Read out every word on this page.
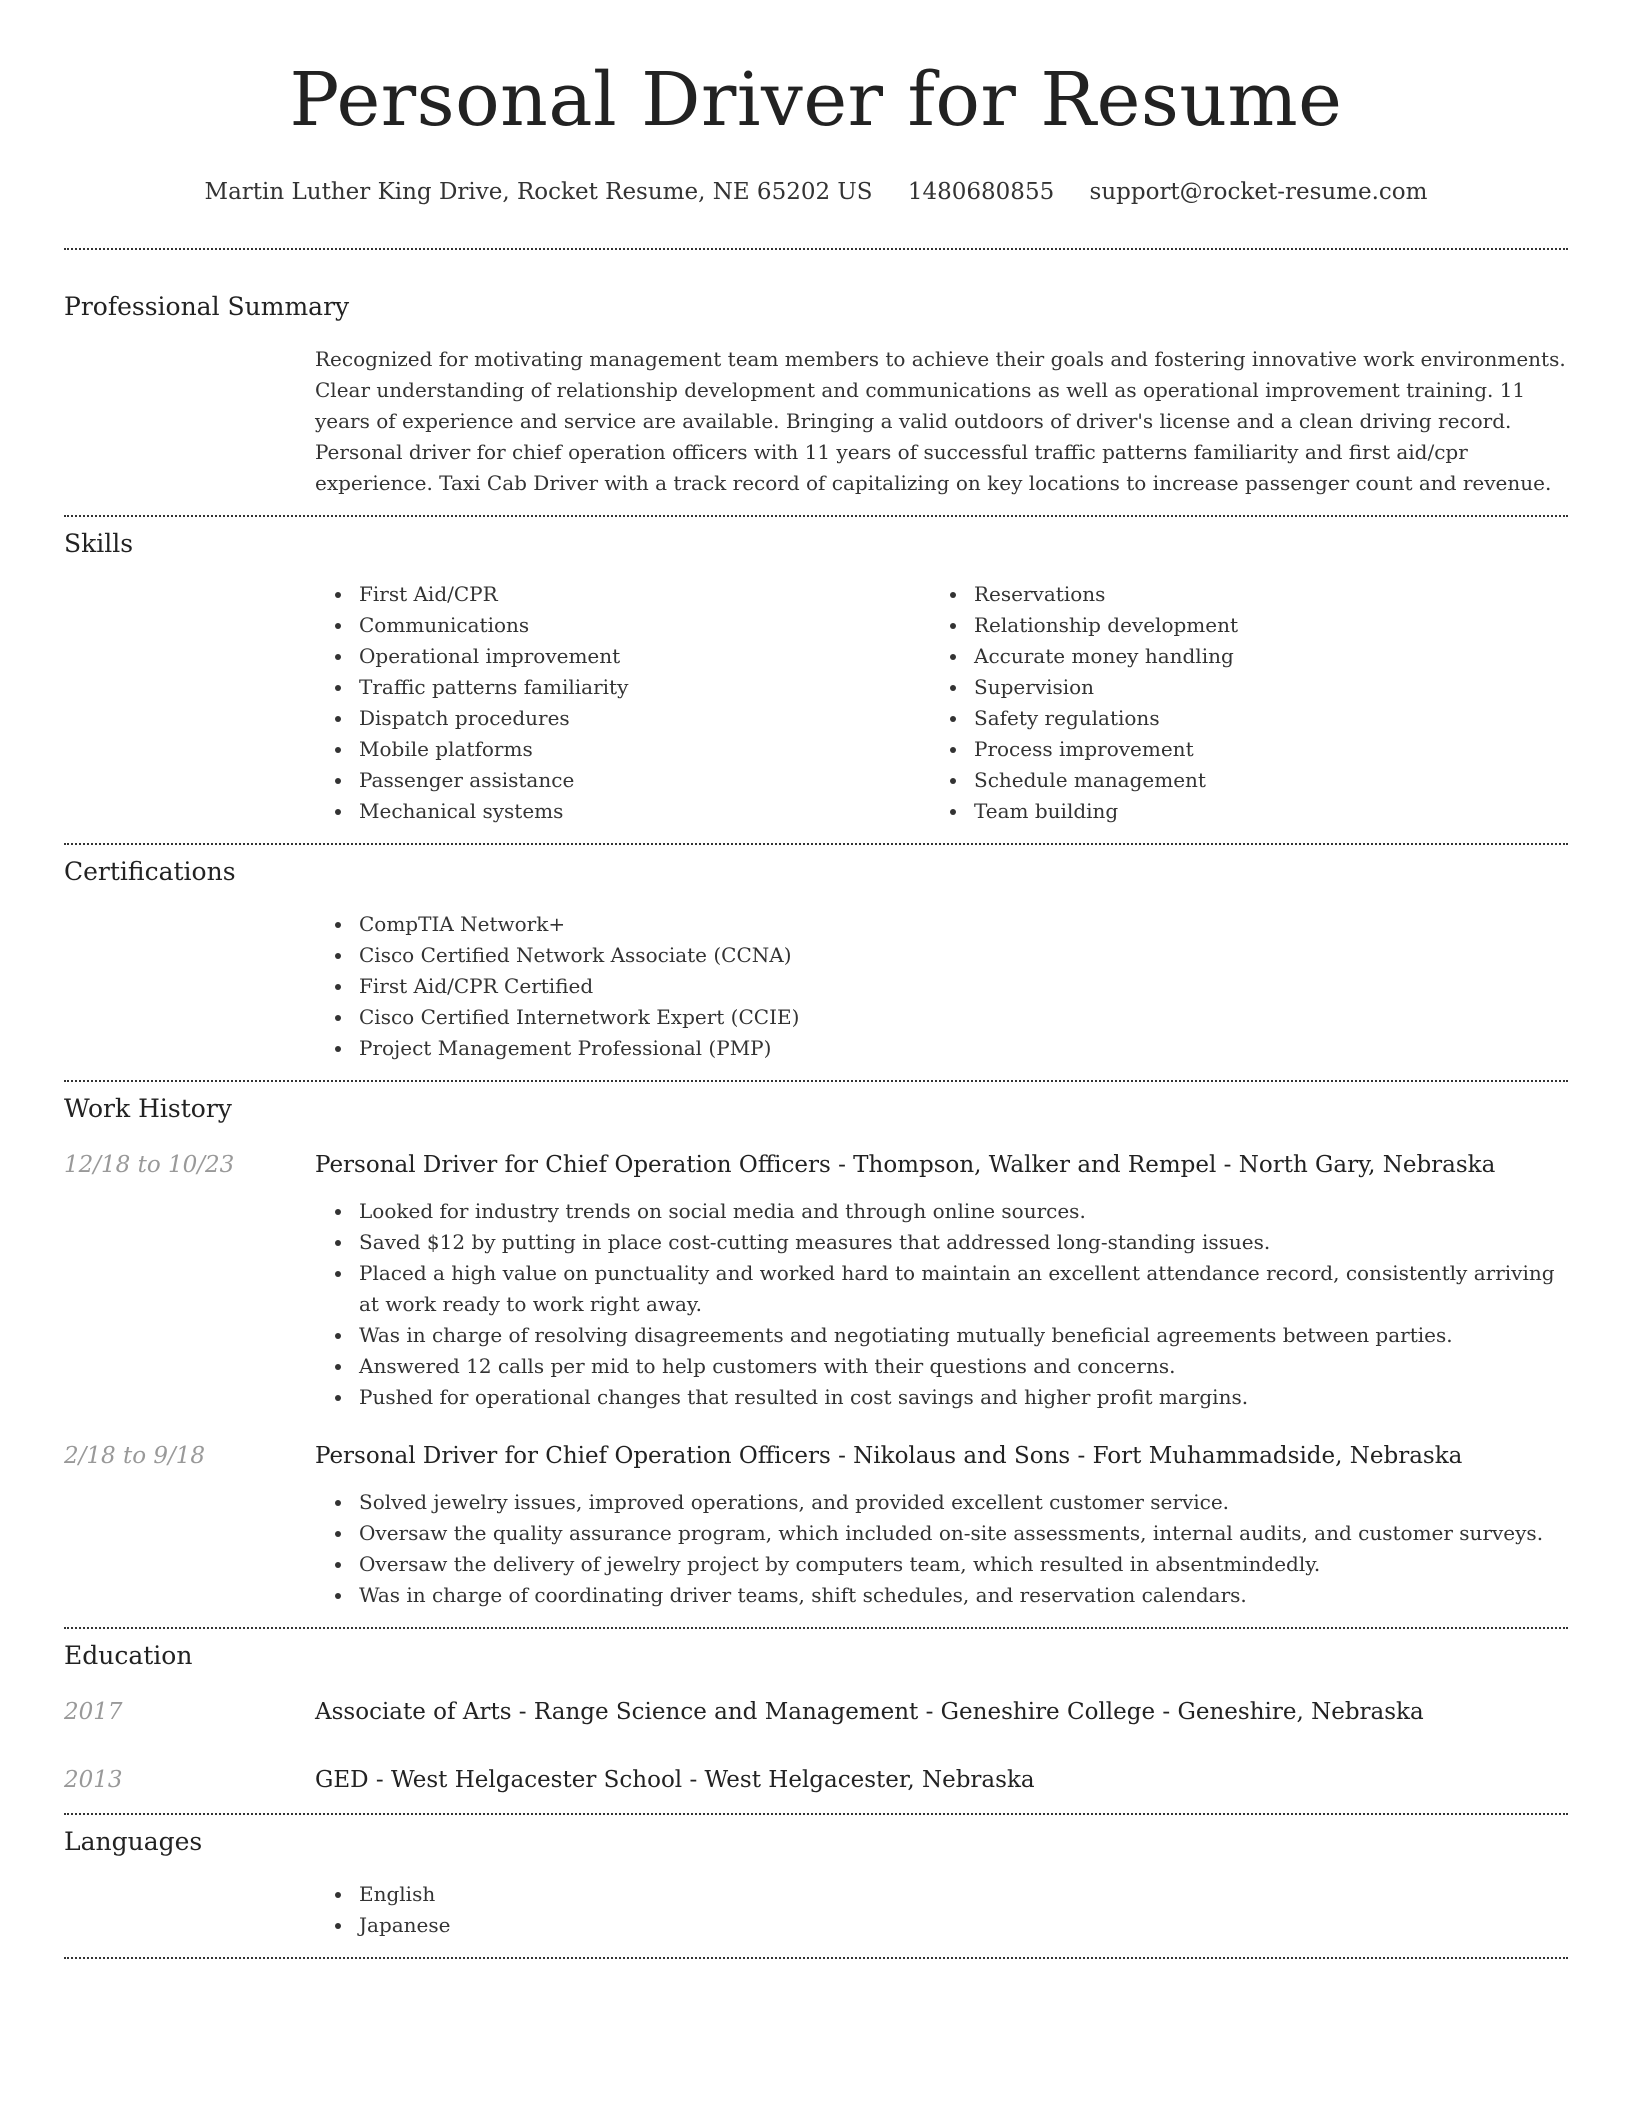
Personal Driver for Resume
Martin Luther King Drive, Rocket Resume, NE 65202 US 1480680855 support@rocket-resume.com
Professional Summary

Recognized for motivating management team members to achieve their goals and fostering innovative work environments. Clear understanding of relationship development and communications as well as operational improvement training. 11 years of experience and service are available. Bringing a valid outdoors of driver's license and a clean driving record. Personal driver for chief operation officers with 11 years of successful traffic patterns familiarity and first aid/cpr experience. Taxi Cab Driver with a track record of capitalizing on key locations to increase passenger count and revenue.

Skills
First Aid/CPR
Communications
Operational improvement
Traffic patterns familiarity
Dispatch procedures
Mobile platforms
Passenger assistance
Mechanical systems
Reservations
Relationship development
Accurate money handling
Supervision
Safety regulations
Process improvement
Schedule management
Team building
Certifications
CompTIA Network+
Cisco Certified Network Associate (CCNA)
First Aid/CPR Certified
Cisco Certified Internetwork Expert (CCIE)
Project Management Professional (PMP)
Work History
12/18 to 10/23	Personal Driver for Chief Operation Officers - Thompson, Walker and Rempel - North Gary, Nebraska
Looked for industry trends on social media and through online sources.
Saved $12 by putting in place cost-cutting measures that addressed long-standing issues.
Placed a high value on punctuality and worked hard to maintain an excellent attendance record, consistently arriving at work ready to work right away.
Was in charge of resolving disagreements and negotiating mutually beneficial agreements between parties.
Answered 12 calls per mid to help customers with their questions and concerns.
Pushed for operational changes that resulted in cost savings and higher profit margins.
2/18 to 9/18	Personal Driver for Chief Operation Officers - Nikolaus and Sons - Fort Muhammadside, Nebraska
Solved jewelry issues, improved operations, and provided excellent customer service.
Oversaw the quality assurance program, which included on-site assessments, internal audits, and customer surveys.
Oversaw the delivery of jewelry project by computers team, which resulted in absentmindedly.
Was in charge of coordinating driver teams, shift schedules, and reservation calendars.
Education
2017	Associate of Arts - Range Science and Management - Geneshire College - Geneshire, Nebraska
2013	GED - West Helgacester School - West Helgacester, Nebraska
Languages
English
Japanese
